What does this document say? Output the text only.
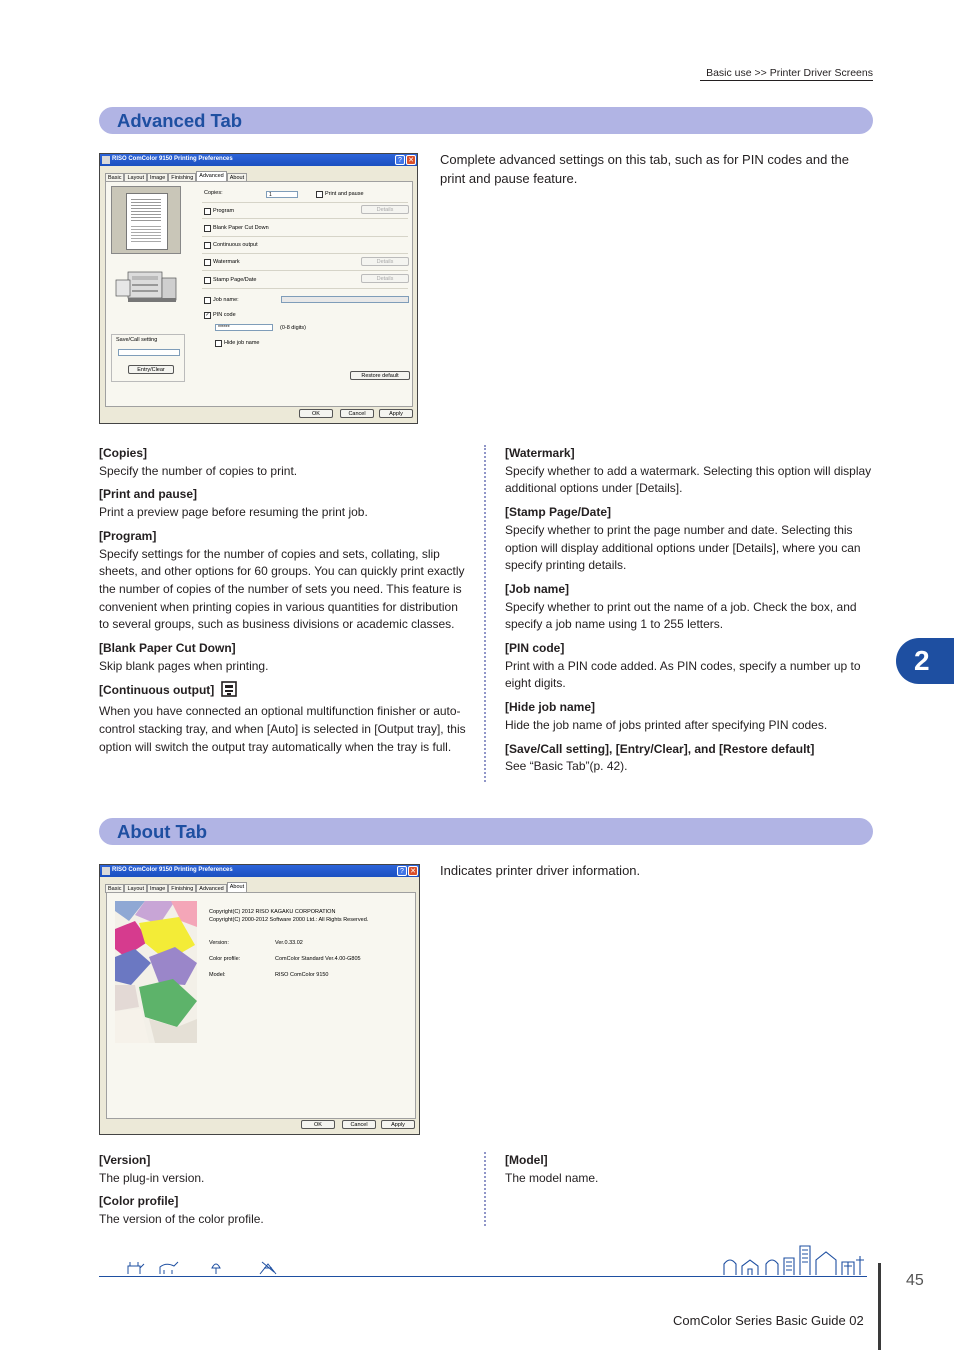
Basic use >> Printer Driver Screens
Advanced Tab
RISO ComColor 9150 Printing Preferences	? ✕
Basic Layout Image Finishing Advanced About
Save/Call setting
Entry/Clear
Copies:	1	Print and pause
Program	Details
Blank Paper Cut Down
Continuous output
Watermark	Details
Stamp Page/Date	Details
Job name:
✓ PIN code
******	(0-8 digits)
Hide job name
Restore default
OK	Cancel	Apply
Complete advanced settings on this tab, such as for PIN codes and the print and pause feature.
[Copies]
Specify the number of copies to print.
[Print and pause]
Print a preview page before resuming the print job.
[Program]
Specify settings for the number of copies and sets, collating, slip sheets, and other options for 60 groups. You can quickly print exactly the number of copies of the number of sets you need. This feature is convenient when printing copies in various quantities for distribution to several groups, such as business divisions or academic classes.
[Blank Paper Cut Down]
Skip blank pages when printing.
[Continuous output]
When you have connected an optional multifunction finisher or auto-control stacking tray, and when [Auto] is selected in [Output tray], this option will switch the output tray automatically when the tray is full.
[Watermark]
Specify whether to add a watermark. Selecting this option will display additional options under [Details].
[Stamp Page/Date]
Specify whether to print the page number and date. Selecting this option will display additional options under [Details], where you can specify printing details.
[Job name]
Specify whether to print out the name of a job. Check the box, and specify a job name using 1 to 255 letters.
[PIN code]
Print with a PIN code added. As PIN codes, specify a number up to eight digits.
[Hide job name]
Hide the job name of jobs printed after specifying PIN codes.
[Save/Call setting], [Entry/Clear], and [Restore default]
See “Basic Tab”(p. 42).
2
About Tab
RISO ComColor 9150 Printing Preferences	? ✕
Basic Layout Image Finishing Advanced About
Copyright(C) 2012 RISO KAGAKU CORPORATION
Copyright(C) 2000-2012 Software 2000 Ltd.: All Rights Reserved.
Version:	Ver.0.33.02
Color profile:	ComColor Standard Ver.4.00-G805
Model:	RISO ComColor 9150
OK	Cancel	Apply
Indicates printer driver information.
[Version]
The plug-in version.
[Color profile]
The version of the color profile.
[Model]
The model name.
45
ComColor Series Basic Guide 02
